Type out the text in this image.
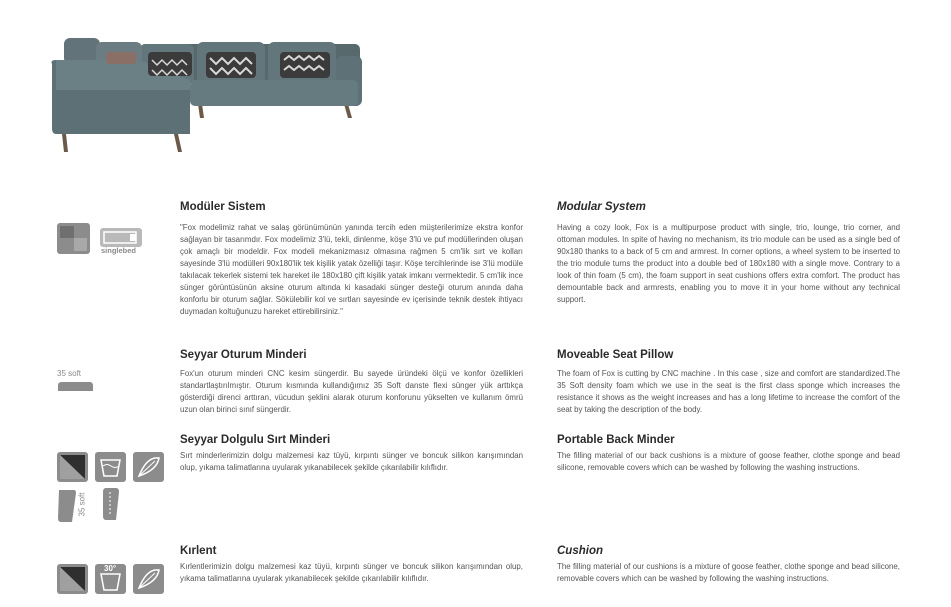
singlebed
Modüler Sistem

"Fox modelimiz rahat ve salaş görünümünün yanında tercih eden müşterilerimize ekstra konfor sağlayan bir tasarımdır. Fox modelimiz 3'lü, tekli, dinlenme, köşe 3'lü ve puf modüllerinden oluşan çok amaçlı bir modeldir. Fox modeli mekanizmasız olmasına rağmen 5 cm'lik sırt ve kolları sayesinde 3'lü modülleri 90x180'lik tek kişilik yatak özelliği taşır. Köşe tercihlerinde ise 3'lü modüle takılacak tekerlek sistemi tek hareket ile 180x180 çift kişilik yatak imkanı vermektedir. 5 cm'lik ince sünger görüntüsünün aksine oturum altında ki kasadaki sünger desteği oturum anında daha konforlu bir oturum sağlar. Sökülebilir kol ve sırtları sayesinde ev içerisinde teknik destek ihtiyacı duymadan koltuğunuzu hareket ettirebilirsiniz."

Modular System

Having a cozy look, Fox is a multipurpose product with single, trio, lounge, trio corner, and ottoman modules. In spite of having no mechanism, its trio module can be used as a single bed of 90x180 thanks to a back of 5 cm and armrest. In corner options, a wheel system to be inserted to the trio module turns the product into a double bed of 180x180 with a single move. Contrary to a look of thin foam (5 cm), the foam support in seat cushions offers extra comfort. The product has demountable back and armrests, enabling you to move it in your home without any technical support.

35 soft
Seyyar Oturum Minderi

Fox'un oturum minderi CNC kesim süngerdir. Bu sayede üründeki ölçü ve konfor özellikleri standartlaştırılmıştır. Oturum kısmında kullandığımız 35 Soft danste flexi sünger yük arttıkça gösterdiği direnci arttıran, vücudun şeklini alarak oturum konforunu yükselten ve kullanım ömrü uzun olan birinci sınıf süngerdir.

Moveable Seat Pillow

The foam of Fox is cutting by CNC machine . In this case , size and comfort are standardized.The 35 Soft density foam which we use in the seat is the first class sponge which increases the resistance it shows as the weight increases and has a long lifetime to increase the comfort of the seat by taking the description of the body.

35 soft
Seyyar Dolgulu Sırt Minderi

Sırt minderlerimizin dolgu malzemesi kaz tüyü, kırpıntı sünger ve boncuk silikon karışımından olup, yıkama talimatlarına uyularak yıkanabilecek şekilde çıkarılabilir kılıflıdır.

Portable Back Minder

The filling material of our back cushions is a mixture of goose feather, clothe sponge and bead silicone, removable covers which can be washed by following the washing instructions.

30°
Kırlent

Kırlentlerimizin dolgu malzemesi kaz tüyü, kırpıntı sünger ve boncuk silikon karışımından olup, yıkama talimatlarına uyularak yıkanabilecek şekilde çıkarılabilir kılıflıdır.

Cushion

The filling material of our cushions is a mixture of goose feather, clothe sponge and bead silicone, removable covers which can be washed by following the washing instructions.
